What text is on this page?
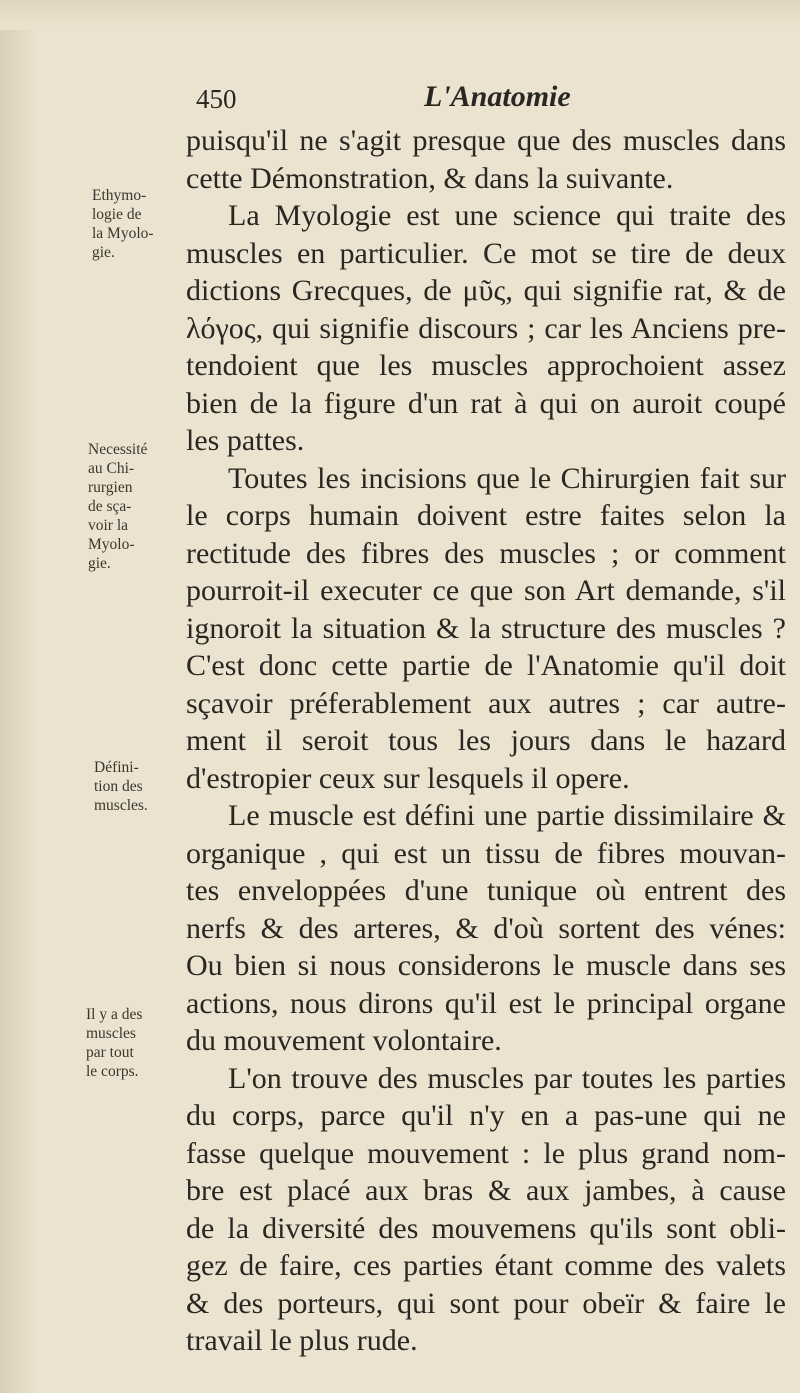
450	L'Anatomie
puisqu'il ne s'agit presque que des muscles dans
cette Démonstration, & dans la suivante.
La Myologie est une science qui traite des
muscles en particulier. Ce mot se tire de deux
dictions Grecques, de μῦς, qui signifie rat, & de
λόγος, qui signifie discours ; car les Anciens pre-
tendoient que les muscles approchoient assez
bien de la figure d'un rat à qui on auroit coupé
les pattes.
Toutes les incisions que le Chirurgien fait sur
le corps humain doivent estre faites selon la
rectitude des fibres des muscles ; or comment
pourroit-il executer ce que son Art demande, s'il
ignoroit la situation & la structure des muscles ?
C'est donc cette partie de l'Anatomie qu'il doit
sçavoir préferablement aux autres ; car autre-
ment il seroit tous les jours dans le hazard
d'estropier ceux sur lesquels il opere.
Le muscle est défini une partie dissimilaire &
organique , qui est un tissu de fibres mouvan-
tes enveloppées d'une tunique où entrent des
nerfs & des arteres, & d'où sortent des vénes:
Ou bien si nous considerons le muscle dans ses
actions, nous dirons qu'il est le principal organe
du mouvement volontaire.
L'on trouve des muscles par toutes les parties
du corps, parce qu'il n'y en a pas-une qui ne
fasse quelque mouvement : le plus grand nom-
bre est placé aux bras & aux jambes, à cause
de la diversité des mouvemens qu'ils sont obli-
gez de faire, ces parties étant comme des valets
& des porteurs, qui sont pour obeïr & faire le
travail le plus rude.
Ethymo-
logie de
la Myolo-
gie.
Necessité
au Chi-
rurgien
de sça-
voir la
Myolo-
gie.
Défini-
tion des
muscles.
Il y a des
muscles
par tout
le corps.
